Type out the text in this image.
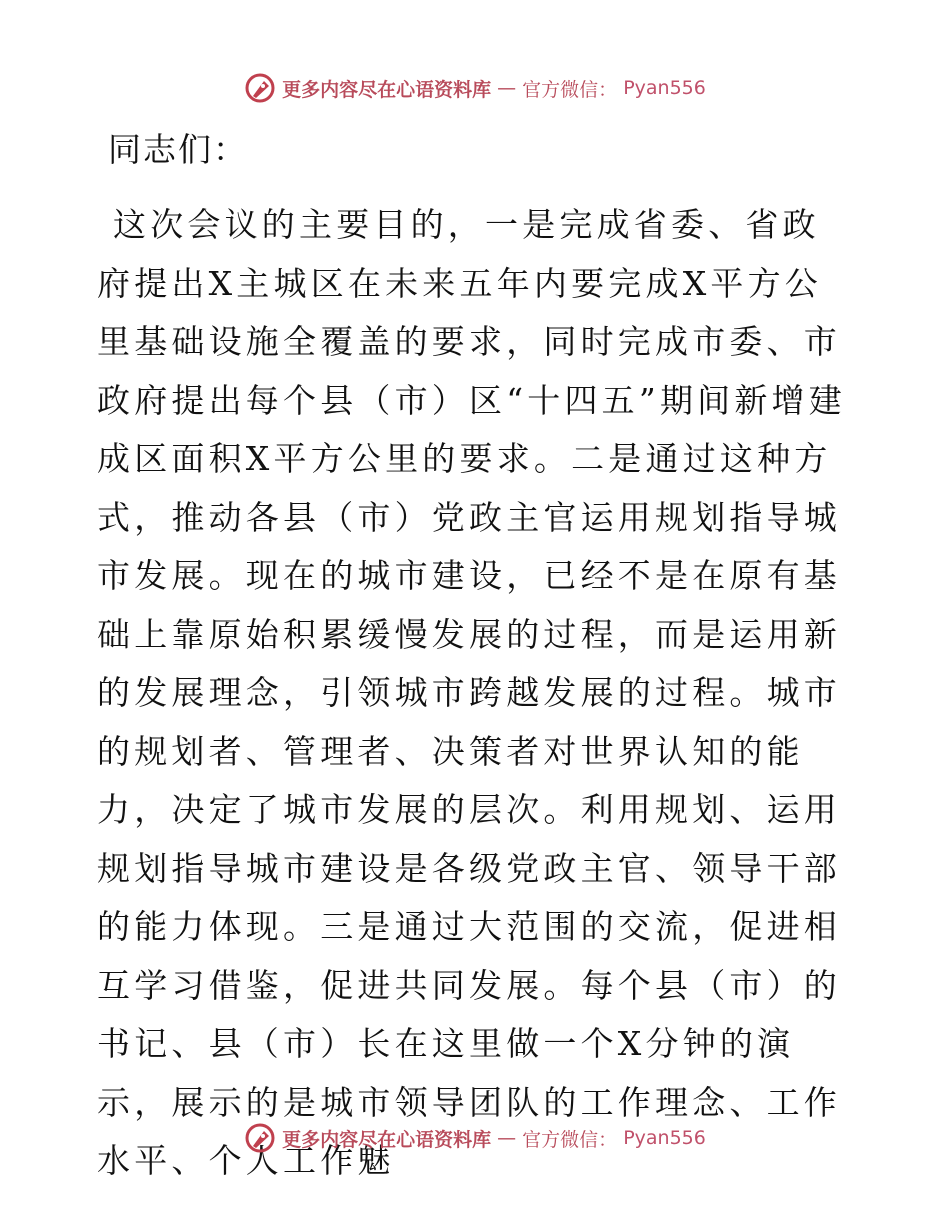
更多内容尽在心语资料库 — 官方微信： Pyan556
同志们：

这次会议的主要目的，一是完成省委、省政府提出X主城区在未来五年内要完成X平方公里基础设施全覆盖的要求，同时完成市委、市政府提出每个县（市）区“十四五”期间新增建成区面积X平方公里的要求。二是通过这种方式，推动各县（市）党政主官运用规划指导城市发展。现在的城市建设，已经不是在原有基础上靠原始积累缓慢发展的过程，而是运用新的发展理念，引领城市跨越发展的过程。城市的规划者、管理者、决策者对世界认知的能力，决定了城市发展的层次。利用规划、运用规划指导城市建设是各级党政主官、领导干部的能力体现。三是通过大范围的交流，促进相互学习借鉴，促进共同发展。每个县（市）的书记、县（市）长在这里做一个X分钟的演示，展示的是城市领导团队的工作理念、工作水平、个人工作魅

更多内容尽在心语资料库 — 官方微信： Pyan556
